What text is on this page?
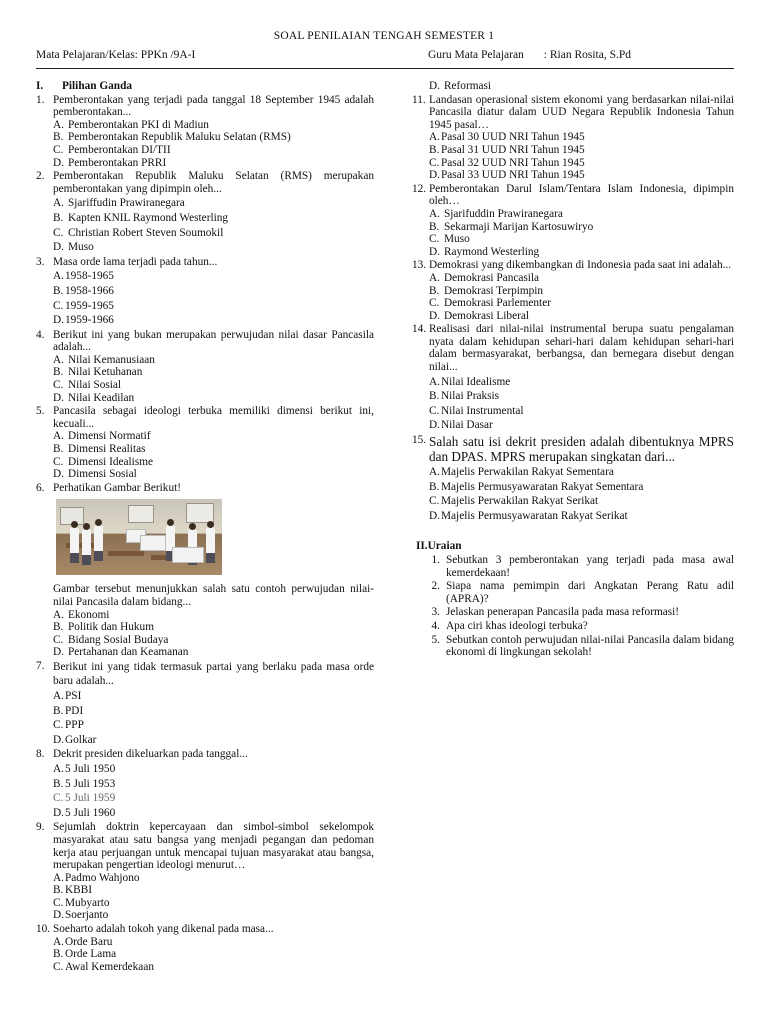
SOAL PENILAIAN TENGAH SEMESTER 1
Mata Pelajaran/Kelas: PPKn /9A-I	Guru Mata Pelajaran : Rian Rosita, S.Pd
I. Pilihan Ganda
1. Pemberontakan yang terjadi pada tanggal 18 September 1945 adalah pemberontakan...
A. Pemberontakan PKI di Madiun
B. Pemberontakan Republik Maluku Selatan (RMS)
C. Pemberontakan DI/TII
D. Pemberontakan PRRI
2. Pemberontakan Republik Maluku Selatan (RMS) merupakan pemberontakan yang dipimpin oleh...
A. Sjariffudin Prawiranegara
B. Kapten KNIL Raymond Westerling
C. Christian Robert Steven Soumokil
D. Muso
3. Masa orde lama terjadi pada tahun...
A. 1958-1965
B. 1958-1966
C. 1959-1965
D. 1959-1966
4. Berikut ini yang bukan merupakan perwujudan nilai dasar Pancasila adalah...
A. Nilai Kemanusiaan
B. Nilai Ketuhanan
C. Nilai Sosial
D. Nilai Keadilan
5. Pancasila sebagai ideologi terbuka memiliki dimensi berikut ini, kecuali...
A. Dimensi Normatif
B. Dimensi Realitas
C. Dimensi Idealisme
D. Dimensi Sosial
6. Perhatikan Gambar Berikut!
Gambar tersebut menunjukkan salah satu contoh perwujudan nilai-nilai Pancasila dalam bidang...
A. Ekonomi
B. Politik dan Hukum
C. Bidang Sosial Budaya
D. Pertahanan dan Keamanan
7. Berikut ini yang tidak termasuk partai yang berlaku pada masa orde baru adalah...
A. PSI
B. PDI
C. PPP
D. Golkar
8. Dekrit presiden dikeluarkan pada tanggal...
A. 5 Juli 1950
B. 5 Juli 1953
C. 5 Juli 1959
D. 5 Juli 1960
9. Sejumlah doktrin kepercayaan dan simbol-simbol sekelompok masyarakat atau satu bangsa yang menjadi pegangan dan pedoman kerja atau perjuangan untuk mencapai tujuan masyarakat atau bangsa, merupakan pengertian ideologi menurut…
A. Padmo Wahjono
B. KBBI
C. Mubyarto
D. Soerjanto
10. Soeharto adalah tokoh yang dikenal pada masa...
A. Orde Baru
B. Orde Lama
C. Awal Kemerdekaan
D. Reformasi
11. Landasan operasional sistem ekonomi yang berdasarkan nilai-nilai Pancasila diatur dalam UUD Negara Republik Indonesia Tahun 1945 pasal…
A. Pasal 30 UUD NRI Tahun 1945
B. Pasal 31 UUD NRI Tahun 1945
C. Pasal 32 UUD NRI Tahun 1945
D. Pasal 33 UUD NRI Tahun 1945
12. Pemberontakan Darul Islam/Tentara Islam Indonesia, dipimpin oleh…
A. Sjarifuddin Prawiranegara
B. Sekarmaji Marijan Kartosuwiryo
C. Muso
D. Raymond Westerling
13. Demokrasi yang dikembangkan di Indonesia pada saat ini adalah...
A. Demokrasi Pancasila
B. Demokrasi Terpimpin
C. Demokrasi Parlementer
D. Demokrasi Liberal
14. Realisasi dari nilai-nilai instrumental berupa suatu pengalaman nyata dalam kehidupan sehari-hari dalam kehidupan sehari-hari dalam bermasyarakat, berbangsa, dan bernegara disebut dengan nilai...
A. Nilai Idealisme
B. Nilai Praksis
C. Nilai Instrumental
D. Nilai Dasar
15. Salah satu isi dekrit presiden adalah dibentuknya MPRS dan DPAS. MPRS merupakan singkatan dari...
A. Majelis Perwakilan Rakyat Sementara
B. Majelis Permusyawaratan Rakyat Sementara
C. Majelis Perwakilan Rakyat Serikat
D. Majelis Permusyawaratan Rakyat Serikat
II.Uraian
1. Sebutkan 3 pemberontakan yang terjadi pada masa awal kemerdekaan!
2. Siapa nama pemimpin dari Angkatan Perang Ratu adil (APRA)?
3. Jelaskan penerapan Pancasila pada masa reformasi!
4. Apa ciri khas ideologi terbuka?
5. Sebutkan contoh perwujudan nilai-nilai Pancasila dalam bidang ekonomi di lingkungan sekolah!
